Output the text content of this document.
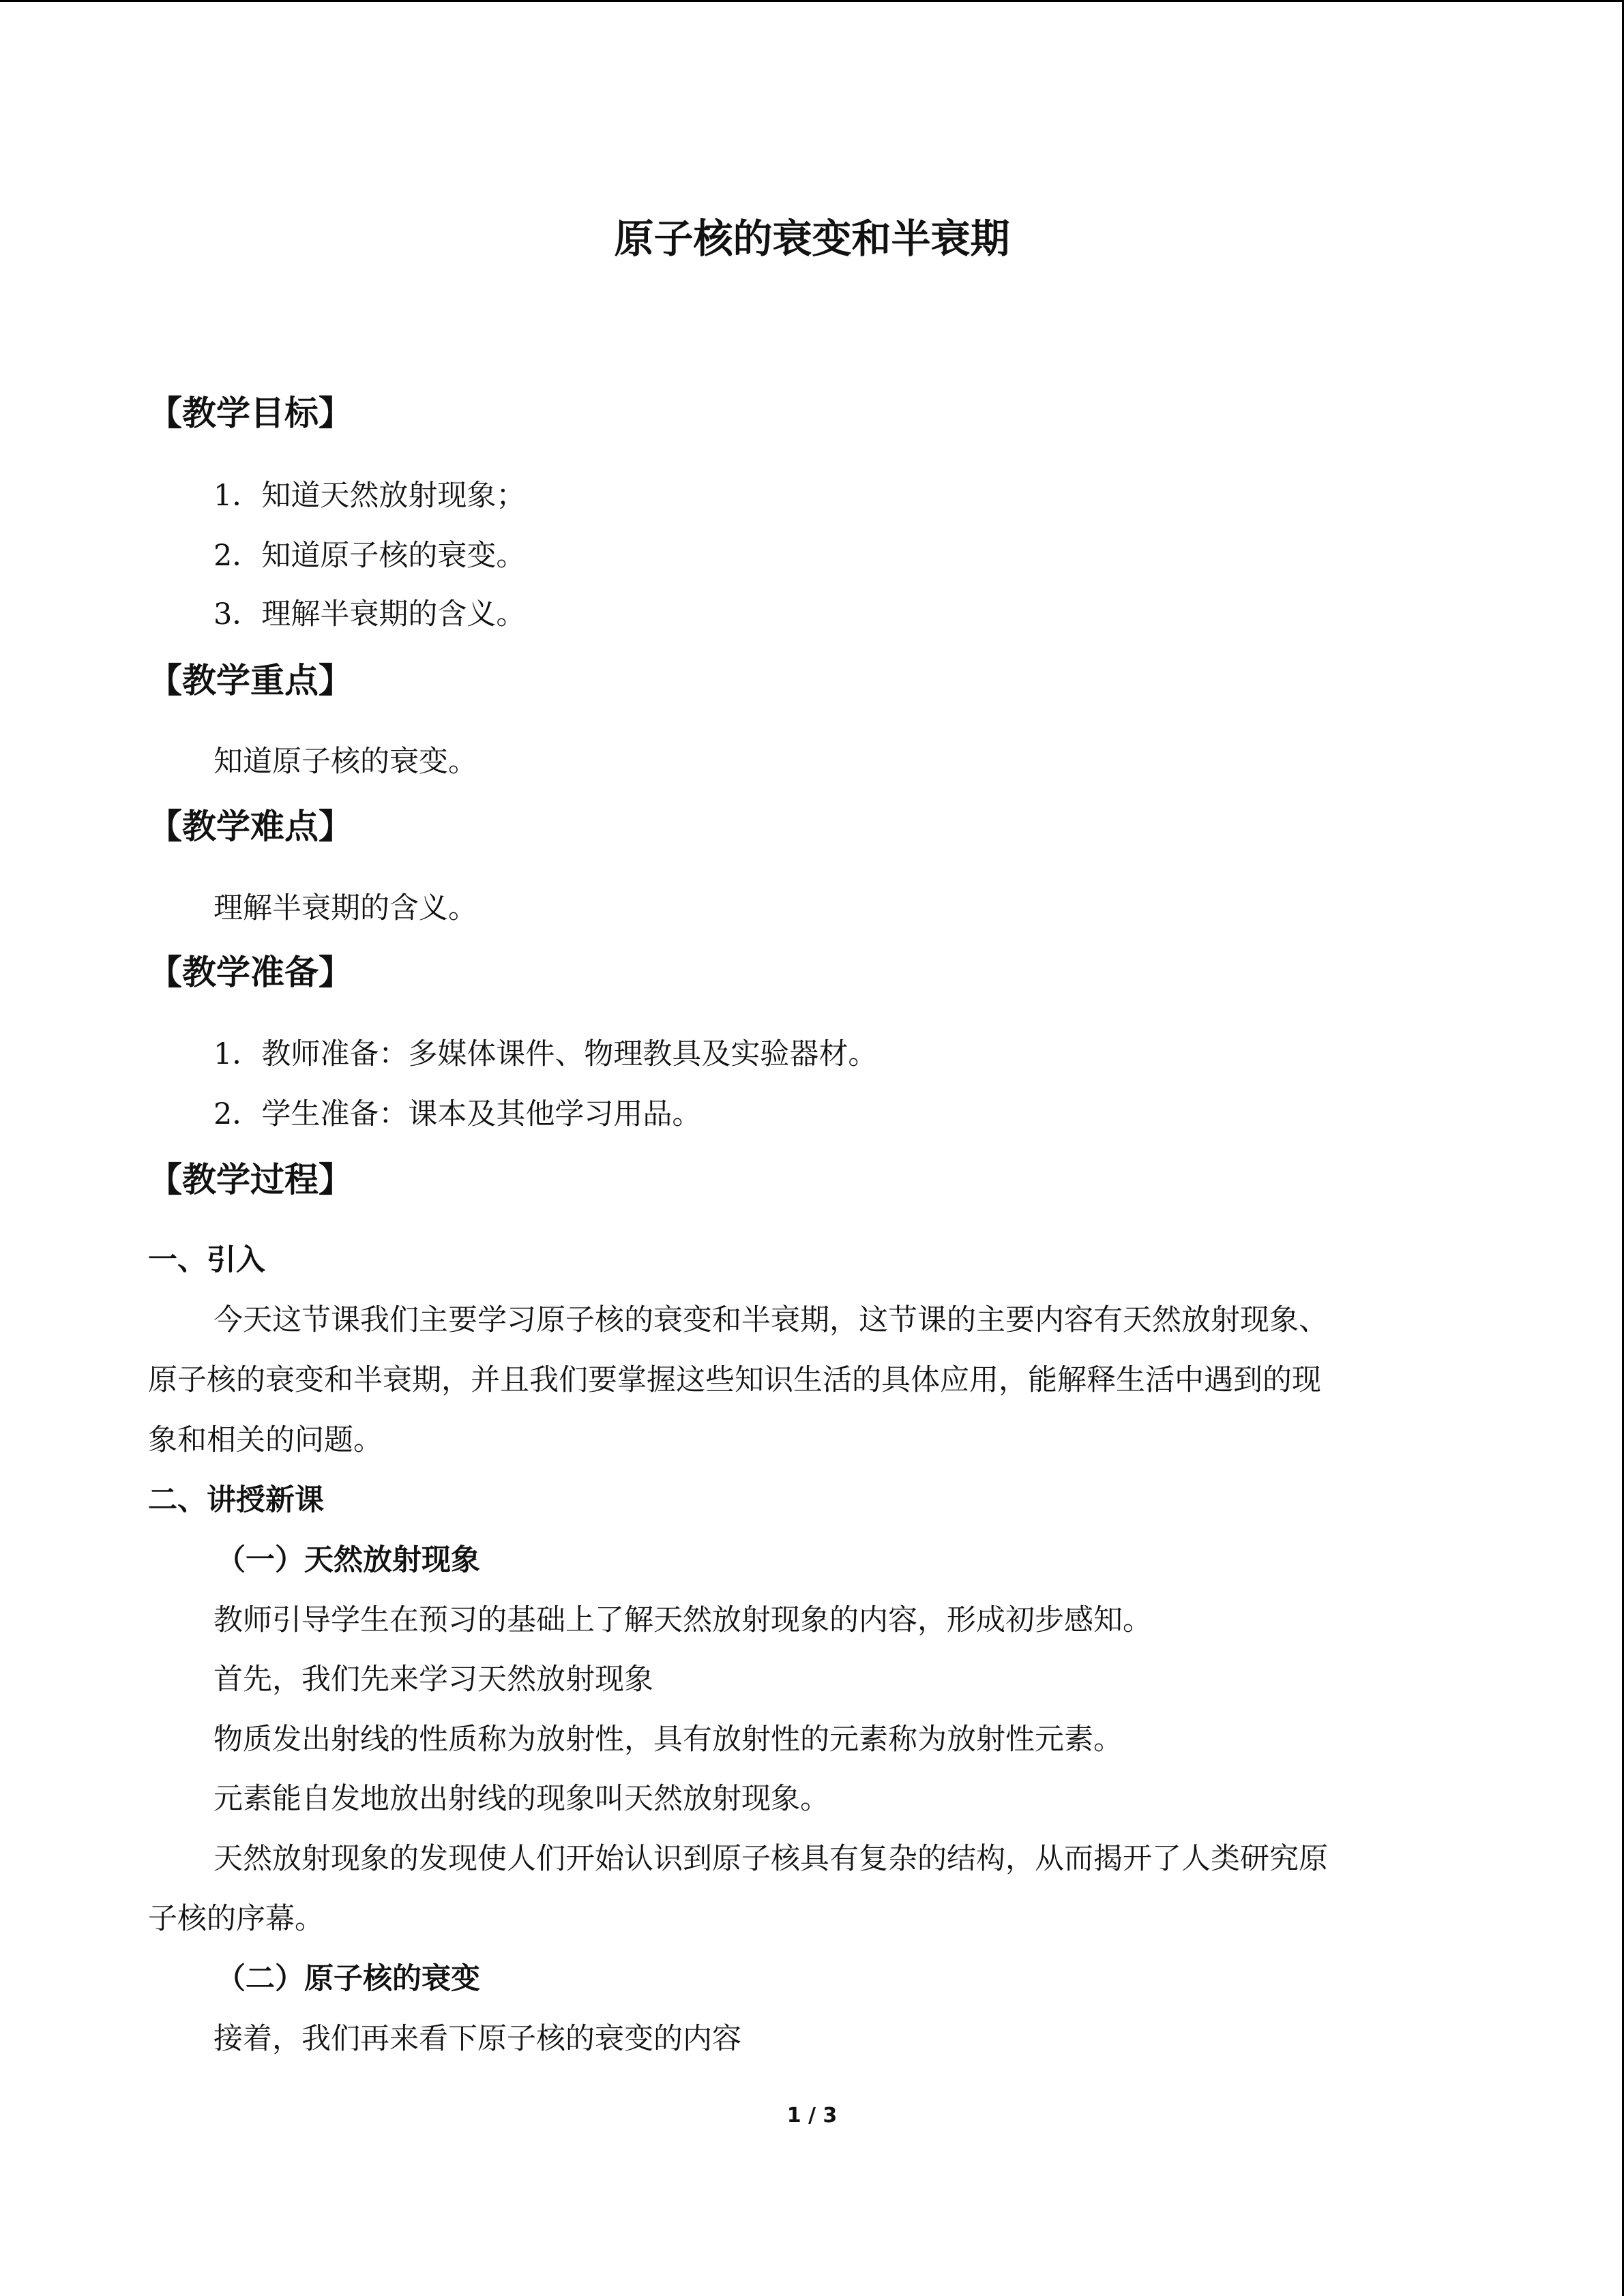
原子核的衰变和半衰期
【教学目标】
1．知道天然放射现象；
2．知道原子核的衰变。
3．理解半衰期的含义。
【教学重点】
知道原子核的衰变。
【教学难点】
理解半衰期的含义。
【教学准备】
1．教师准备：多媒体课件、物理教具及实验器材。
2．学生准备：课本及其他学习用品。
【教学过程】
一、引入
今天这节课我们主要学习原子核的衰变和半衰期，这节课的主要内容有天然放射现象、
原子核的衰变和半衰期，并且我们要掌握这些知识生活的具体应用，能解释生活中遇到的现
象和相关的问题。
二、讲授新课
（一）天然放射现象
教师引导学生在预习的基础上了解天然放射现象的内容，形成初步感知。
首先，我们先来学习天然放射现象
物质发出射线的性质称为放射性，具有放射性的元素称为放射性元素。
元素能自发地放出射线的现象叫天然放射现象。
天然放射现象的发现使人们开始认识到原子核具有复杂的结构，从而揭开了人类研究原
子核的序幕。
（二）原子核的衰变
接着，我们再来看下原子核的衰变的内容
1 / 3
